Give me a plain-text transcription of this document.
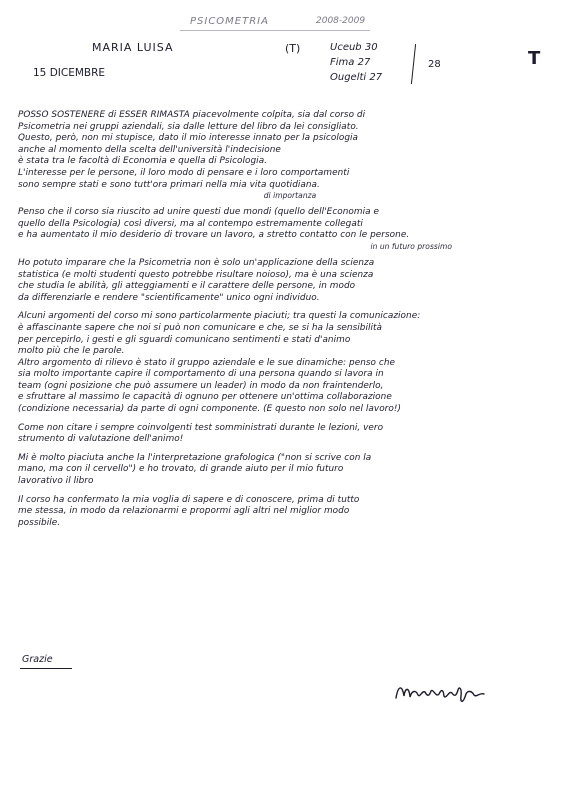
PSICOMETRIA	2008-2009
MARIA LUISA	(T)	Uceub 30
Fima 27
Ougelti 27
28	T
15 DICEMBRE
POSSO SOSTENERE di ESSER RIMASTA piacevolmente colpita, sia dal corso di
Psicometria nei gruppi aziendali, sia dalle letture del libro da lei consigliato.
Questo, però, non mi stupisce, dato il mio interesse innato per la psicologia
anche al momento della scelta dell'università l'indecisione
è stata tra le facoltà di Economia e quella di Psicologia.
L'interesse per le persone, il loro modo di pensare e i loro comportamenti
sono sempre stati e sono tutt'ora primari nella mia vita quotidiana.
di importanza
Penso che il corso sia riuscito ad unire questi due mondi (quello dell'Economia e
quello della Psicologia) così diversi, ma al contempo estremamente collegati
e ha aumentato il mio desiderio di trovare un lavoro, a stretto contatto con le persone.
in un futuro prossimo
Ho potuto imparare che la Psicometria non è solo un'applicazione della scienza
statistica (e molti studenti questo potrebbe risultare noioso), ma è una scienza
che studia le abilità, gli atteggiamenti e il carattere delle persone, in modo
da differenziarle e rendere "scientificamente" unico ogni individuo.
Alcuni argomenti del corso mi sono particolarmente piaciuti; tra questi la comunicazione:
è affascinante sapere che noi si può non comunicare e che, se si ha la sensibilità
per percepirlo, i gesti e gli sguardi comunicano sentimenti e stati d'animo
molto più che le parole.
Altro argomento di rilievo è stato il gruppo aziendale e le sue dinamiche: penso che
sia molto importante capire il comportamento di una persona quando si lavora in
team (ogni posizione che può assumere un leader) in modo da non fraintenderlo,
e sfruttare al massimo le capacità di ognuno per ottenere un'ottima collaborazione
(condizione necessaria) da parte di ogni componente. (E questo non solo nel lavoro!)
Come non citare i sempre coinvolgenti test somministrati durante le lezioni, vero
strumento di valutazione dell'animo!
Mi è molto piaciuta anche la l'interpretazione grafologica ("non si scrive con la
mano, ma con il cervello") e ho trovato, di grande aiuto per il mio futuro
lavorativo il libro
Il corso ha confermato la mia voglia di sapere e di conoscere, prima di tutto
me stessa, in modo da relazionarmi e propormi agli altri nel miglior modo
possibile.
Grazie
